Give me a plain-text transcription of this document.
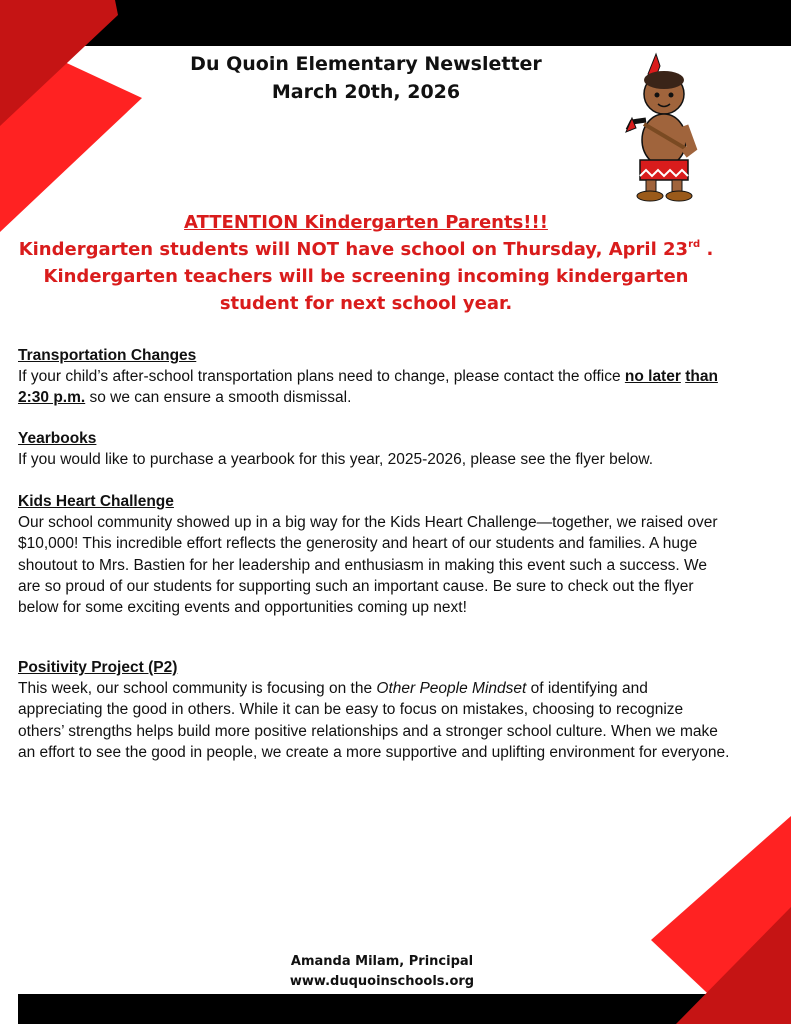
Du Quoin Elementary Newsletter
March 20th, 2026
ATTENTION Kindergarten Parents!!!
Kindergarten students will NOT have school on Thursday, April 23rd .
Kindergarten teachers will be screening incoming kindergarten
student for next school year.
Transportation Changes
If your child’s after-school transportation plans need to change, please contact the office no later than 2:30 p.m. so we can ensure a smooth dismissal.
Yearbooks
If you would like to purchase a yearbook for this year, 2025-2026, please see the flyer below.
Kids Heart Challenge
Our school community showed up in a big way for the Kids Heart Challenge—together, we raised over $10,000! This incredible effort reflects the generosity and heart of our students and families. A huge shoutout to Mrs. Bastien for her leadership and enthusiasm in making this event such a success. We are so proud of our students for supporting such an important cause. Be sure to check out the flyer below for some exciting events and opportunities coming up next!
Positivity Project (P2)
This week, our school community is focusing on the Other People Mindset of identifying and appreciating the good in others. While it can be easy to focus on mistakes, choosing to recognize others’ strengths helps build more positive relationships and a stronger school culture. When we make an effort to see the good in people, we create a more supportive and uplifting environment for everyone.
Amanda Milam, Principal
www.duquoinschools.org
